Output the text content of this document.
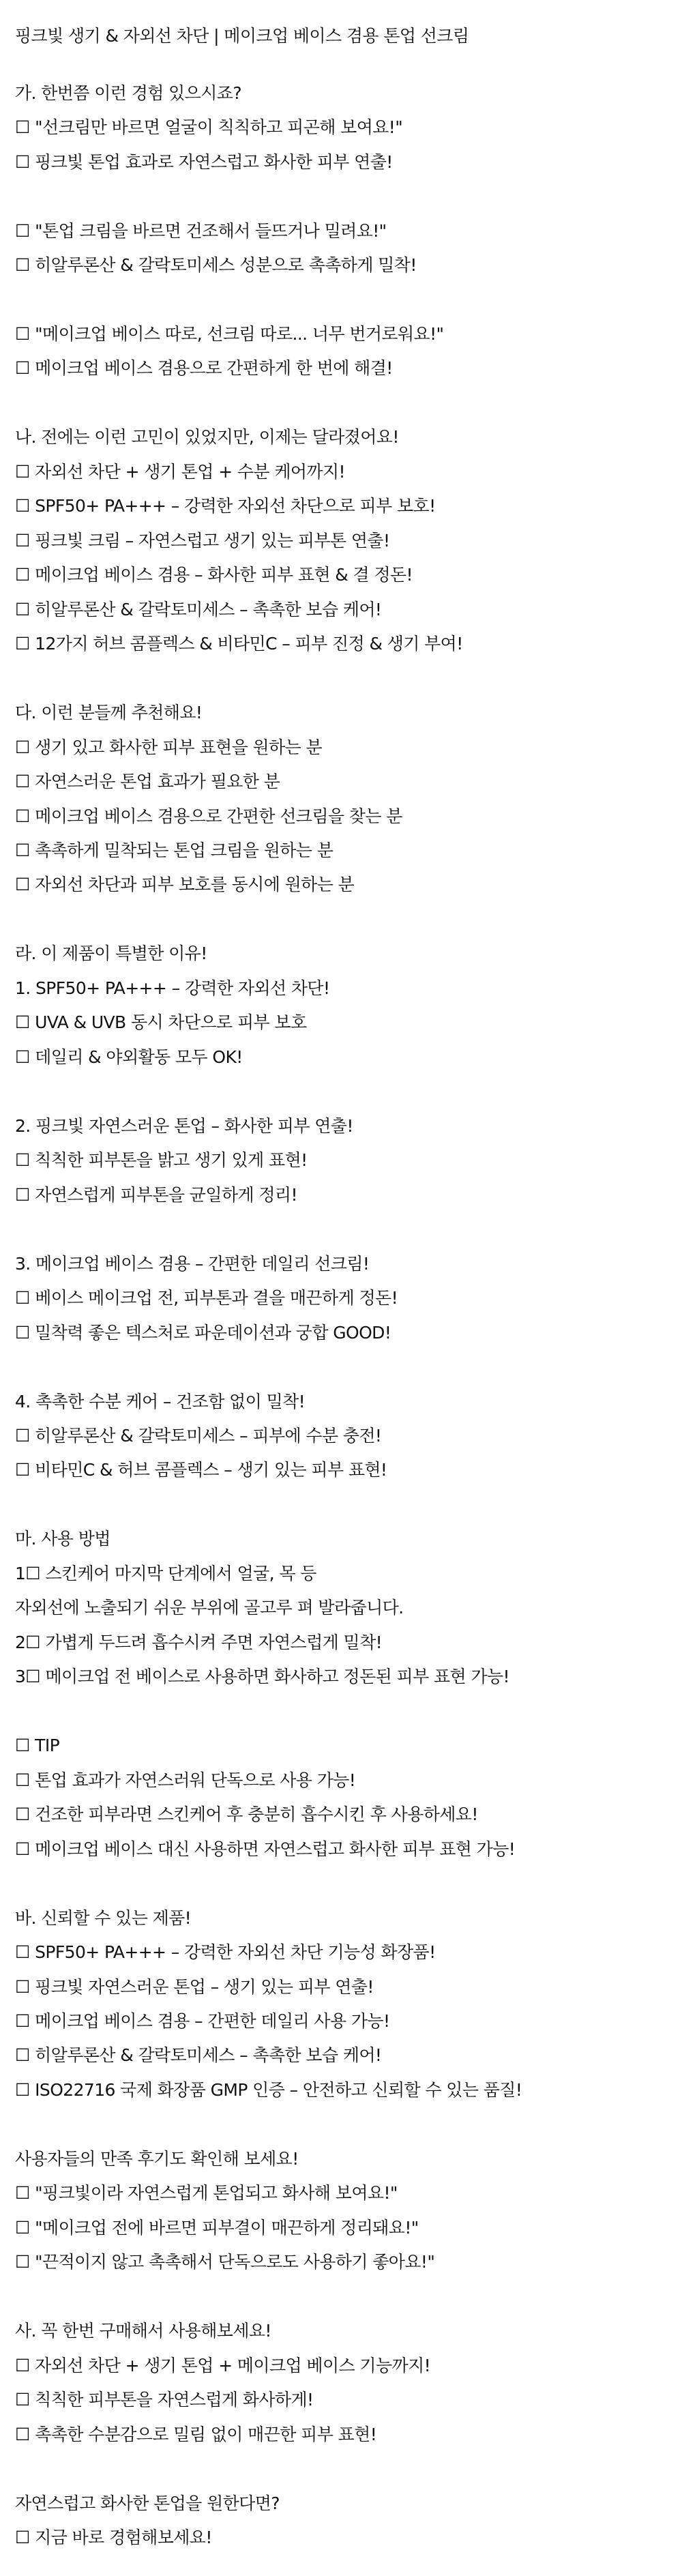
핑크빛 생기 & 자외선 차단 | 메이크업 베이스 겸용 톤업 선크림
가. 한번쯤 이런 경험 있으시죠?
☐ "선크림만 바르면 얼굴이 칙칙하고 피곤해 보여요!"
☐ 핑크빛 톤업 효과로 자연스럽고 화사한 피부 연출!
☐ "톤업 크림을 바르면 건조해서 들뜨거나 밀려요!"
☐ 히알루론산 & 갈락토미세스 성분으로 촉촉하게 밀착!
☐ "메이크업 베이스 따로, 선크림 따로... 너무 번거로워요!"
☐ 메이크업 베이스 겸용으로 간편하게 한 번에 해결!
나. 전에는 이런 고민이 있었지만, 이제는 달라졌어요!
☐ 자외선 차단 + 생기 톤업 + 수분 케어까지!
☐ SPF50+ PA+++ – 강력한 자외선 차단으로 피부 보호!
☐ 핑크빛 크림 – 자연스럽고 생기 있는 피부톤 연출!
☐ 메이크업 베이스 겸용 – 화사한 피부 표현 & 결 정돈!
☐ 히알루론산 & 갈락토미세스 – 촉촉한 보습 케어!
☐ 12가지 허브 콤플렉스 & 비타민C – 피부 진정 & 생기 부여!
다. 이런 분들께 추천해요!
☐ 생기 있고 화사한 피부 표현을 원하는 분
☐ 자연스러운 톤업 효과가 필요한 분
☐ 메이크업 베이스 겸용으로 간편한 선크림을 찾는 분
☐ 촉촉하게 밀착되는 톤업 크림을 원하는 분
☐ 자외선 차단과 피부 보호를 동시에 원하는 분
라. 이 제품이 특별한 이유!
1. SPF50+ PA+++ – 강력한 자외선 차단!
☐ UVA & UVB 동시 차단으로 피부 보호
☐ 데일리 & 야외활동 모두 OK!
2. 핑크빛 자연스러운 톤업 – 화사한 피부 연출!
☐ 칙칙한 피부톤을 밝고 생기 있게 표현!
☐ 자연스럽게 피부톤을 균일하게 정리!
3. 메이크업 베이스 겸용 – 간편한 데일리 선크림!
☐ 베이스 메이크업 전, 피부톤과 결을 매끈하게 정돈!
☐ 밀착력 좋은 텍스처로 파운데이션과 궁합 GOOD!
4. 촉촉한 수분 케어 – 건조함 없이 밀착!
☐ 히알루론산 & 갈락토미세스 – 피부에 수분 충전!
☐ 비타민C & 허브 콤플렉스 – 생기 있는 피부 표현!
마. 사용 방법
1☐ 스킨케어 마지막 단계에서 얼굴, 목 등
자외선에 노출되기 쉬운 부위에 골고루 펴 발라줍니다.
2☐ 가볍게 두드려 흡수시켜 주면 자연스럽게 밀착!
3☐ 메이크업 전 베이스로 사용하면 화사하고 정돈된 피부 표현 가능!
☐ TIP
☐ 톤업 효과가 자연스러워 단독으로 사용 가능!
☐ 건조한 피부라면 스킨케어 후 충분히 흡수시킨 후 사용하세요!
☐ 메이크업 베이스 대신 사용하면 자연스럽고 화사한 피부 표현 가능!
바. 신뢰할 수 있는 제품!
☐ SPF50+ PA+++ – 강력한 자외선 차단 기능성 화장품!
☐ 핑크빛 자연스러운 톤업 – 생기 있는 피부 연출!
☐ 메이크업 베이스 겸용 – 간편한 데일리 사용 가능!
☐ 히알루론산 & 갈락토미세스 – 촉촉한 보습 케어!
☐ ISO22716 국제 화장품 GMP 인증 – 안전하고 신뢰할 수 있는 품질!
사용자들의 만족 후기도 확인해 보세요!
☐ "핑크빛이라 자연스럽게 톤업되고 화사해 보여요!"
☐ "메이크업 전에 바르면 피부결이 매끈하게 정리돼요!"
☐ "끈적이지 않고 촉촉해서 단독으로도 사용하기 좋아요!"
사. 꼭 한번 구매해서 사용해보세요!
☐ 자외선 차단 + 생기 톤업 + 메이크업 베이스 기능까지!
☐ 칙칙한 피부톤을 자연스럽게 화사하게!
☐ 촉촉한 수분감으로 밀림 없이 매끈한 피부 표현!
자연스럽고 화사한 톤업을 원한다면?
☐ 지금 바로 경험해보세요!
